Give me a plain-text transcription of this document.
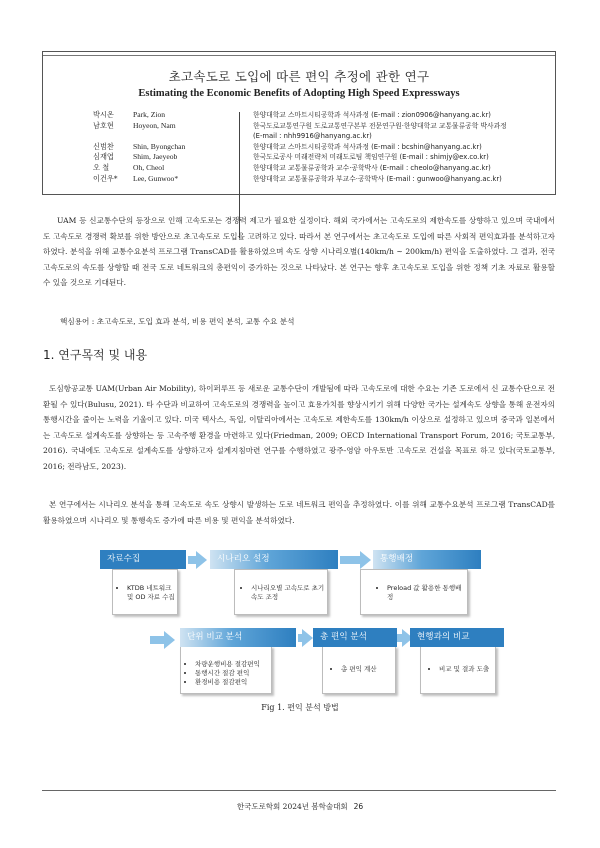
초고속도로 도입에 따른 편익 추정에 관한 연구
Estimating the Economic Benefits of Adopting High Speed Expressways
박시온	Park, Zion	한양대학교 스마트시티공학과 석사과정 (E-mail : zion0906@hanyang.ac.kr)
남호현	Hoyeon, Nam	한국도로교통연구원 도로교통연구본부 전문연구원·한양대학교 교통물류공학 박사과정
(E-mail : nhh9916@hanyang.ac.kr)
신범찬	Shin, Byongchan	한양대학교 스마트시티공학과 석사과정 (E-mail : bcshin@hanyang.ac.kr)
심재엽	Shim, Jaeyeob	한국도로공사 미래전략처 미래도로팀 책임연구원 (E-mail : shimjy@ex.co.kr)
오 철	Oh, Cheol	한양대학교 교통물류공학과 교수·공학박사 (E-mail : cheolo@hanyang.ac.kr)
이건우*	Lee, Gunwoo*	한양대학교 교통물류공학과 부교수·공학박사 (E-mail : gunwoo@hanyang.ac.kr)
UAM 등 신교통수단의 등장으로 인해 고속도로는 경쟁력 제고가 필요한 실정이다. 해외 국가에서는 고속도로의 제한속도를 상향하고 있으며 국내에서도 고속도로 경쟁력 확보를 위한 방안으로 초고속도로 도입을 고려하고 있다. 따라서 본 연구에서는 초고속도로 도입에 따른 사회적 편익효과를 분석하고자 하였다. 분석을 위해 교통수요분석 프로그램 TransCAD를 활용하였으며 속도 상향 시나리오별(140km/h ~ 200km/h) 편익을 도출하였다. 그 결과, 전국 고속도로의 속도를 상향할 때 전국 도로 네트워크의 총편익이 증가하는 것으로 나타났다. 본 연구는 향후 초고속도로 도입을 위한 정책 기초 자료로 활용할 수 있을 것으로 기대된다.
핵심용어 : 초고속도로, 도입 효과 분석, 비용 편익 분석, 교통 수요 분석
1. 연구목적 및 내용
도심항공교통 UAM(Urban Air Mobility), 하이퍼루프 등 새로운 교통수단이 개발됨에 따라 고속도로에 대한 수요는 기존 도로에서 신 교통수단으로 전환될 수 있다(Bulusu, 2021). 타 수단과 비교하여 고속도로의 경쟁력을 높이고 효용가치를 향상시키기 위해 다양한 국가는 설계속도 상향을 통해 운전자의 통행시간을 줄이는 노력을 기울이고 있다. 미국 텍사스, 독일, 이탈리아에서는 고속도로 제한속도를 130km/h 이상으로 설정하고 있으며 중국과 일본에서는 고속도로 설계속도를 상향하는 등 고속주행 환경을 마련하고 있다(Friedman, 2009; OECD International Transport Forum, 2016; 국토교통부, 2016). 국내에도 고속도로 설계속도를 상향하고자 설계지침마련 연구를 수행하였고 광주-영암 아우토반 고속도로 건설을 목표로 하고 있다(국토교통부, 2016; 전라남도, 2023).
본 연구에서는 시나리오 분석을 통해 고속도로 속도 상향시 발생하는 도로 네트워크 편익을 추정하였다. 이를 위해 교통수요분석 프로그램 TransCAD를 활용하였으며 시나리오 및 통행속도 증가에 따른 비용 및 편익을 분석하였다.
• KTDB 네트워크 및 OD 자료 수집
자료수집
• 시나리오별 고속도로 초기속도 조정
시나리오 설정
• Preload 값 활용한 통행배정
통행배정
• 차량운행비용 절감편익
• 통행시간 절감 편익
• 환경비용 절감편익
단위 비교 분석
• 총 편익 계산
총 편익 분석
• 비교 및 결과 도출
현행과의 비교
Fig 1. 편익 분석 방법
한국도로학회 2024년 봄학술대회 26
